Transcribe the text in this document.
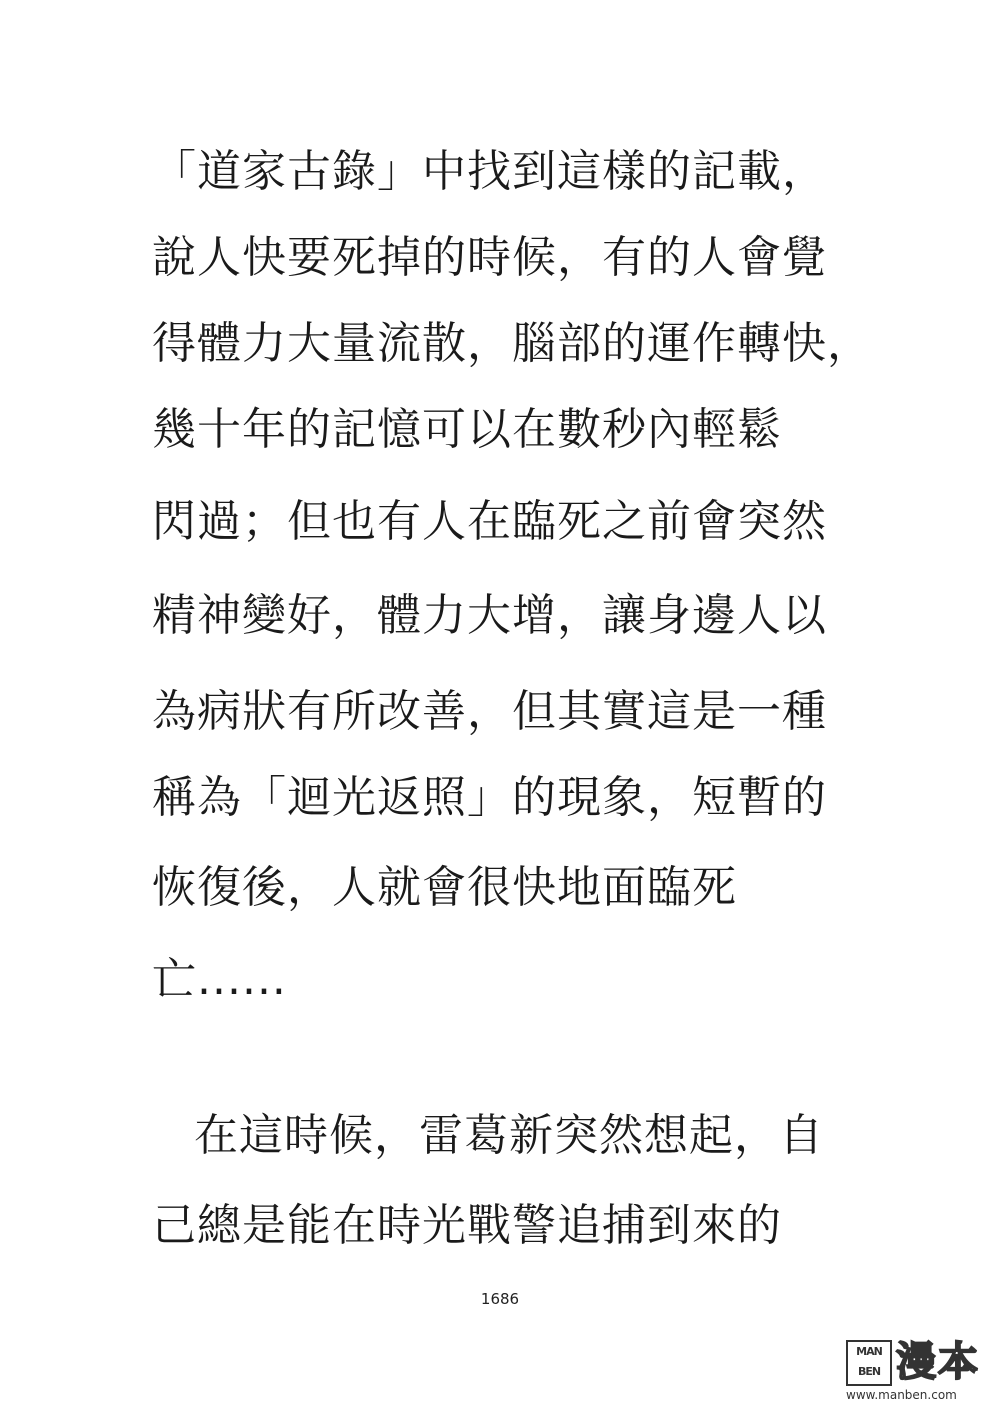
「道家古錄」中找到這樣的記載，
說人快要死掉的時候，有的人會覺
得體力大量流散，腦部的運作轉快，
幾十年的記憶可以在數秒內輕鬆
閃過；但也有人在臨死之前會突然
精神變好，體力大增，讓身邊人以
為病狀有所改善，但其實這是一種
稱為「迴光返照」的現象，短暫的
恢復後，人就會很快地面臨死
亡......
在這時候，雷葛新突然想起，自
己總是能在時光戰警追捕到來的
1686
MAN
BEN 漫本
www.manben.com
